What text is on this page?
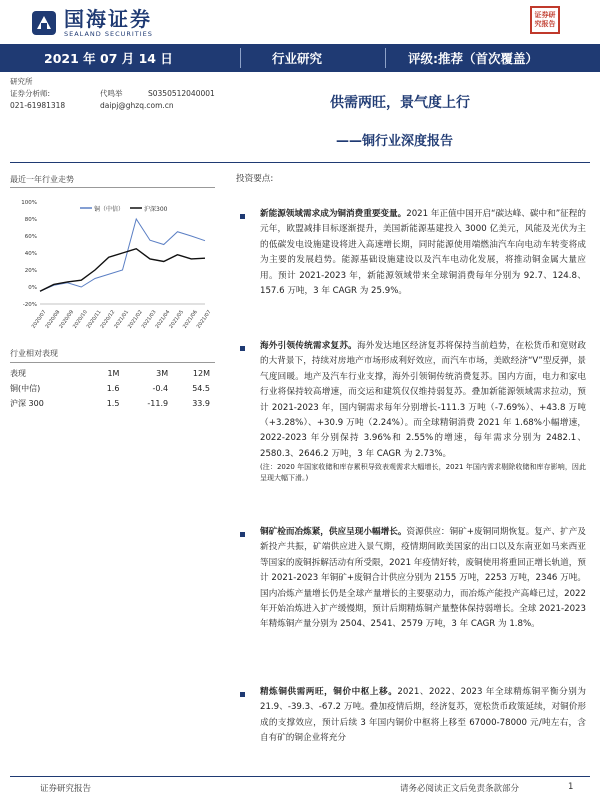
国海证券
SEALAND SECURITIES
证券研究报告
2021 年 07 月 14 日	行业研究	评级:推荐（首次覆盖）
研究所
证券分析师:	代鸣举	S0350512040001
021-61981318	daipj@ghzq.com.cn	供需两旺，景气度上行
——铜行业深度报告
最近一年行业走势
100%
80%
60%
40%
20%
0%
-20%
2020/07
2020/08
2020/09
2020/10
2020/11
2020/12
2021/01
2021/02
2021/03
2021/04
2021/05
2021/06
2021/07
铜（中信）	沪深300
行业相对表现
表现	1M	3M	12M
铜(中信)	1.6	-0.4	54.5
沪深 300	1.5	-11.9	33.9
投资要点:
新能源领域需求成为铜消费重要变量。2021 年正值中国开启“碳达峰、碳中和”征程的元年，欧盟减排目标逐渐提升，美国新能源基建投入 3000 亿美元，风能及光伏为主的低碳发电设施建设将进入高速增长期，同时能源使用端燃油汽车向电动车转变将成为主要的发展趋势。能源基础设施建设以及汽车电动化发展，将推动铜金属大量应用。预计 2021-2023 年，新能源领域带来全球铜消费每年分别为 92.7、124.8、157.6 万吨，3 年 CAGR 为 25.9%。
海外引领传统需求复苏。海外发达地区经济复苏将保持当前趋势，在松货币和宽财政的大背景下，持续对房地产市场形成利好效应，而汽车市场，美欧经济“V”型反弹，景气度回暖。地产及汽车行业支撑，海外引领铜传统消费复苏。国内方面，电力和家电行业将保持较高增速，而交运和建筑仅仅维持弱复苏。叠加新能源领域需求拉动，预计 2021-2023 年，国内铜需求每年分别增长-111.3 万吨（-7.69%）、+43.8 万吨（+3.28%）、+30.9 万吨（2.24%）。而全球精铜消费 2021 年 1.68%小幅增速，2022-2023 年分别保持 3.96%和 2.55%的增速，每年需求分别为 2482.1、2580.3、2646.2 万吨，3 年 CAGR 为 2.73%。
(注：2020 年国家收储和库存累积导致表观需求大幅增长，2021 年国内需求剔除收储和库存影响，因此呈现大幅下滑。)
铜矿检而冶炼紧，供应呈现小幅增长。资源供应：铜矿+废铜同期恢复。复产、扩产及新投产共振，矿端供应进入景气期，疫情期间欧美国家的出口以及东南亚如马来西亚等国家的废铜拆解活动有所受限，2021 年疫情好转，废铜使用将重回正增长轨道，预计 2021-2023 年铜矿+废铜合计供应分别为 2155 万吨，2253 万吨，2346 万吨。国内冶炼产量增长仍是全球产量增长的主要驱动力，而冶炼产能投产高峰已过，2022 年开始冶炼进入扩产缓慢期，预计后期精炼铜产量整体保持弱增长。全球 2021-2023 年精炼铜产量分别为 2504、2541、2579 万吨，3 年 CAGR 为 1.8%。
精炼铜供需两旺，铜价中枢上移。2021、2022、2023 年全球精炼铜平衡分别为 21.9、-39.3、-67.2 万吨。叠加疫情后期，经济复苏，宽松货币政策延续，对铜价形成的支撑效应，预计后续 3 年国内铜价中枢将上移至 67000-78000 元/吨左右，含自有矿的铜企业将充分
证券研究报告	请务必阅读正文后免责条款部分	1
